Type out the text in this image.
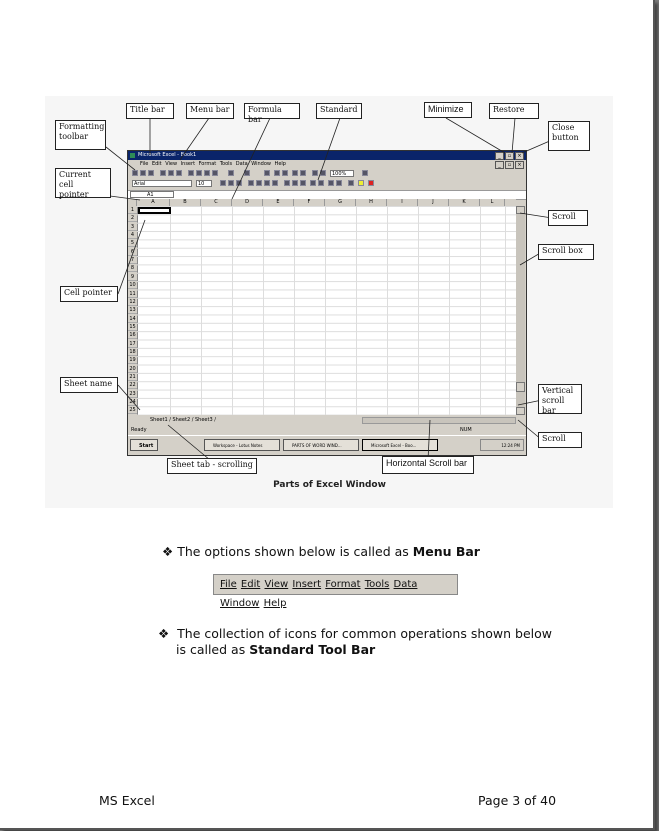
Microsoft Excel - Book1	_	▫	×
File Edit View Insert Format Tools Data Window Help	_	▫	×
100%
Arial	10
A1
A	B	C	D	E	F	G	H	I	J	K	L
1
2
3
4
5
6
7
8
9
10
11
12
13
14
15
16
17
18
19
20
21
22
23
24
25
Sheet1 / Sheet2 / Sheet3 /
Ready	NUM
Start	Workspace - Lotus Notes	PARTS OF WORD WIND...	Microsoft Excel - Boo...	12:24 PM
Title bar	Menu bar	Formula bar
Standard	Minimize	Restore
Close
button
Formatting
toolbar
Current cell
pointer
Scroll
Scroll box
Cell pointer
Sheet name
Vertical
scroll bar
Scroll
Sheet tab - scrolling	Horizontal Scroll bar
Parts of Excel Window
❖ The options shown below is called as Menu Bar
File Edit View Insert Format Tools Data Window Help
❖ The collection of icons for common operations shown below
is called as Standard Tool Bar
MS Excel	Page 3 of 40
